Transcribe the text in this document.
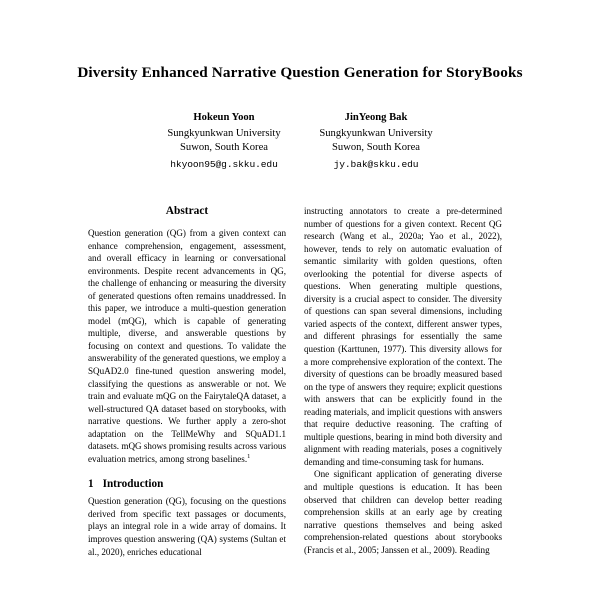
Diversity Enhanced Narrative Question Generation for StoryBooks
Hokeun Yoon
Sungkyunkwan University
Suwon, South Korea
hkyoon95@g.skku.edu
JinYeong Bak
Sungkyunkwan University
Suwon, South Korea
jy.bak@skku.edu
Abstract

Question generation (QG) from a given context can enhance comprehension, engagement, assessment, and overall efficacy in learning or conversational environments. Despite recent advancements in QG, the challenge of enhancing or measuring the diversity of generated questions often remains unaddressed. In this paper, we introduce a multi-question generation model (mQG), which is capable of generating multiple, diverse, and answerable questions by focusing on context and questions. To validate the answerability of the generated questions, we employ a SQuAD2.0 fine-tuned question answering model, classifying the questions as answerable or not. We train and evaluate mQG on the FairytaleQA dataset, a well-structured QA dataset based on storybooks, with narrative questions. We further apply a zero-shot adaptation on the TellMeWhy and SQuAD1.1 datasets. mQG shows promising results across various evaluation metrics, among strong baselines.$^1$

1 Introduction

Question generation (QG), focusing on the questions derived from specific text passages or documents, plays an integral role in a wide array of domains. It improves question answering (QA) systems (Sultan et al., 2020), enriches educational

instructing annotators to create a pre-determined number of questions for a given context. Recent QG research (Wang et al., 2020a; Yao et al., 2022), however, tends to rely on automatic evaluation of semantic similarity with golden questions, often overlooking the potential for diverse aspects of questions. When generating multiple questions, diversity is a crucial aspect to consider. The diversity of questions can span several dimensions, including varied aspects of the context, different answer types, and different phrasings for essentially the same question (Karttunen, 1977). This diversity allows for a more comprehensive exploration of the context. The diversity of questions can be broadly measured based on the type of answers they require; explicit questions with answers that can be explicitly found in the reading materials, and implicit questions with answers that require deductive reasoning. The crafting of multiple questions, bearing in mind both diversity and alignment with reading materials, poses a cognitively demanding and time-consuming task for humans.

One significant application of generating diverse and multiple questions is education. It has been observed that children can develop better reading comprehension skills at an early age by creating narrative questions themselves and being asked comprehension-related questions about storybooks (Francis et al., 2005; Janssen et al., 2009). Reading
